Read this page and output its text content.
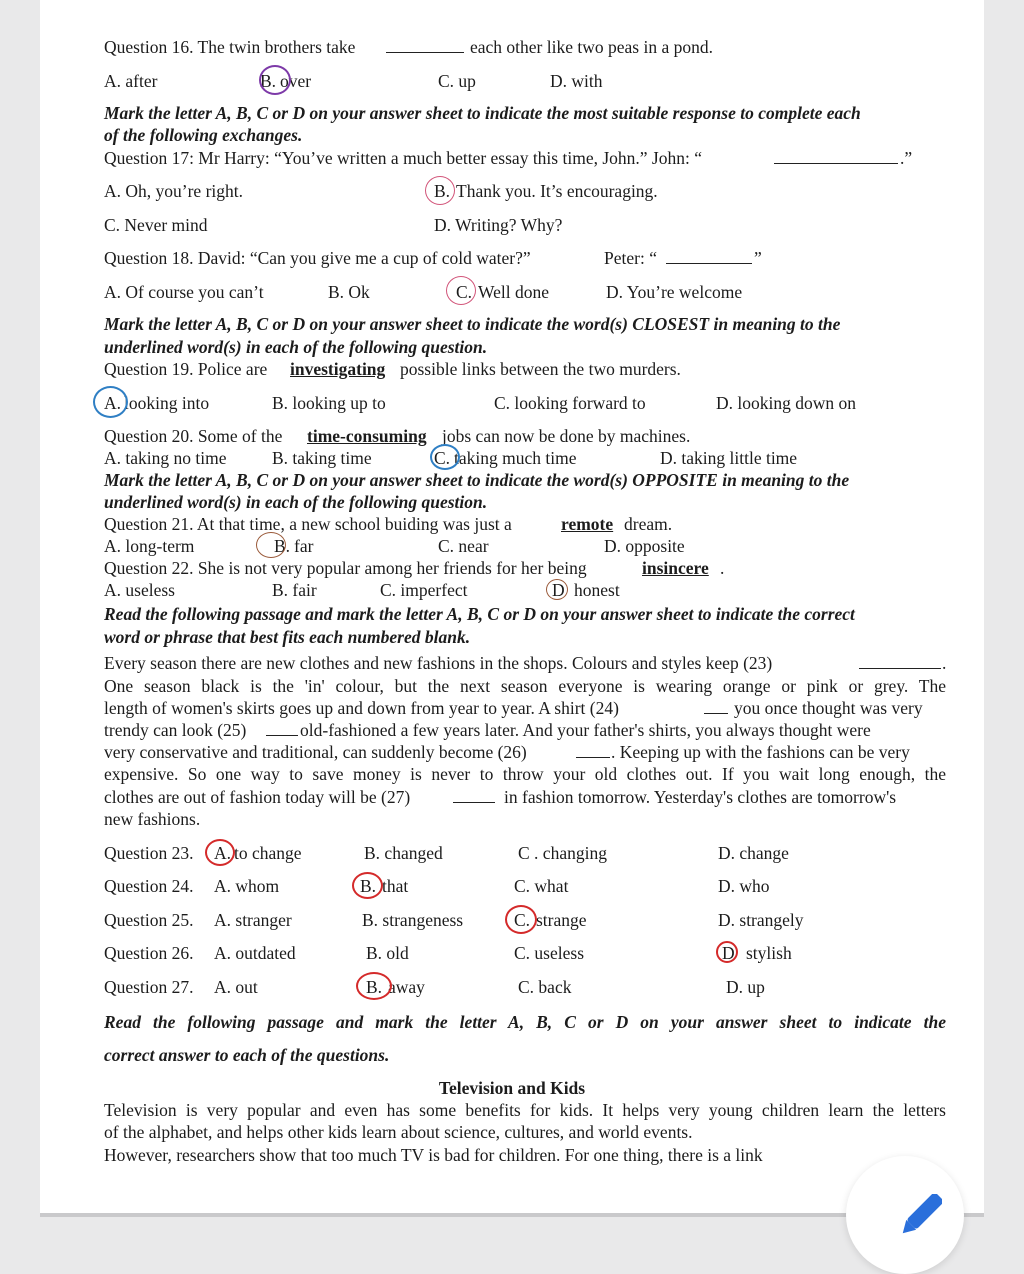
Question 16. The twin brothers take	each other like two peas in a pond.
A. after	B. over	C. up	D. with
Mark the letter A, B, C or D on your answer sheet to indicate the most suitable response to complete each
of the following exchanges.
Question 17: Mr Harry: “You’ve written a much better essay this time, John.” John: “	.”
A. Oh, you’re right.	B. Thank you. It’s encouraging.
C. Never mind	D. Writing? Why?
Question 18. David: “Can you give me a cup of cold water?”	Peter: “	”
A. Of course you can’t	B. Ok	C. Well done	D. You’re welcome
Mark the letter A, B, C or D on your answer sheet to indicate the word(s) CLOSEST in meaning to the
underlined word(s) in each of the following question.
Question 19. Police are investigating possible links between the two murders.
A. looking into	B. looking up to	C. looking forward to	D. looking down on
Question 20. Some of the time-consuming jobs can now be done by machines.
A. taking no time	B. taking time	C. taking much time	D. taking little time
Mark the letter A, B, C or D on your answer sheet to indicate the word(s) OPPOSITE in meaning to the
underlined word(s) in each of the following question.
Question 21. At that time, a new school buiding was just a	remote dream.
A. long-term	B. far	C. near	D. opposite
Question 22. She is not very popular among her friends for her being	insincere .
A. useless	B. fair	C. imperfect	D honest
Read the following passage and mark the letter A, B, C or D on your answer sheet to indicate the correct
word or phrase that best fits each numbered blank.
Every season there are new clothes and new fashions in the shops. Colours and styles keep (23)	.
One season black is the 'in' colour, but the next season everyone is wearing orange or pink or grey. The
length of women's skirts goes up and down from year to year. A shirt (24)	you once thought was very
trendy can look (25)	old-fashioned a few years later. And your father's shirts, you always thought were
very conservative and traditional, can suddenly become (26)	. Keeping up with the fashions can be very
expensive. So one way to save money is never to throw your old clothes out. If you wait long enough, the
clothes are out of fashion today will be (27)	in fashion tomorrow. Yesterday's clothes are tomorrow's
new fashions.
Question 23. A. to change	B. changed	C . changing	D. change
Question 24. A. whom	B. that	C. what	D. who
Question 25. A. stranger	B. strangeness	C. strange	D. strangely
Question 26. A. outdated	B. old	C. useless	D stylish
Question 27. A. out	B. away	C. back	D. up
Read the following passage and mark the letter A, B, C or D on your answer sheet to indicate the
correct answer to each of the questions.
Television and Kids
Television is very popular and even has some benefits for kids. It helps very young children learn the letters
of the alphabet, and helps other kids learn about science, cultures, and world events.
However, researchers show that too much TV is bad for children. For one thing, there is a link
